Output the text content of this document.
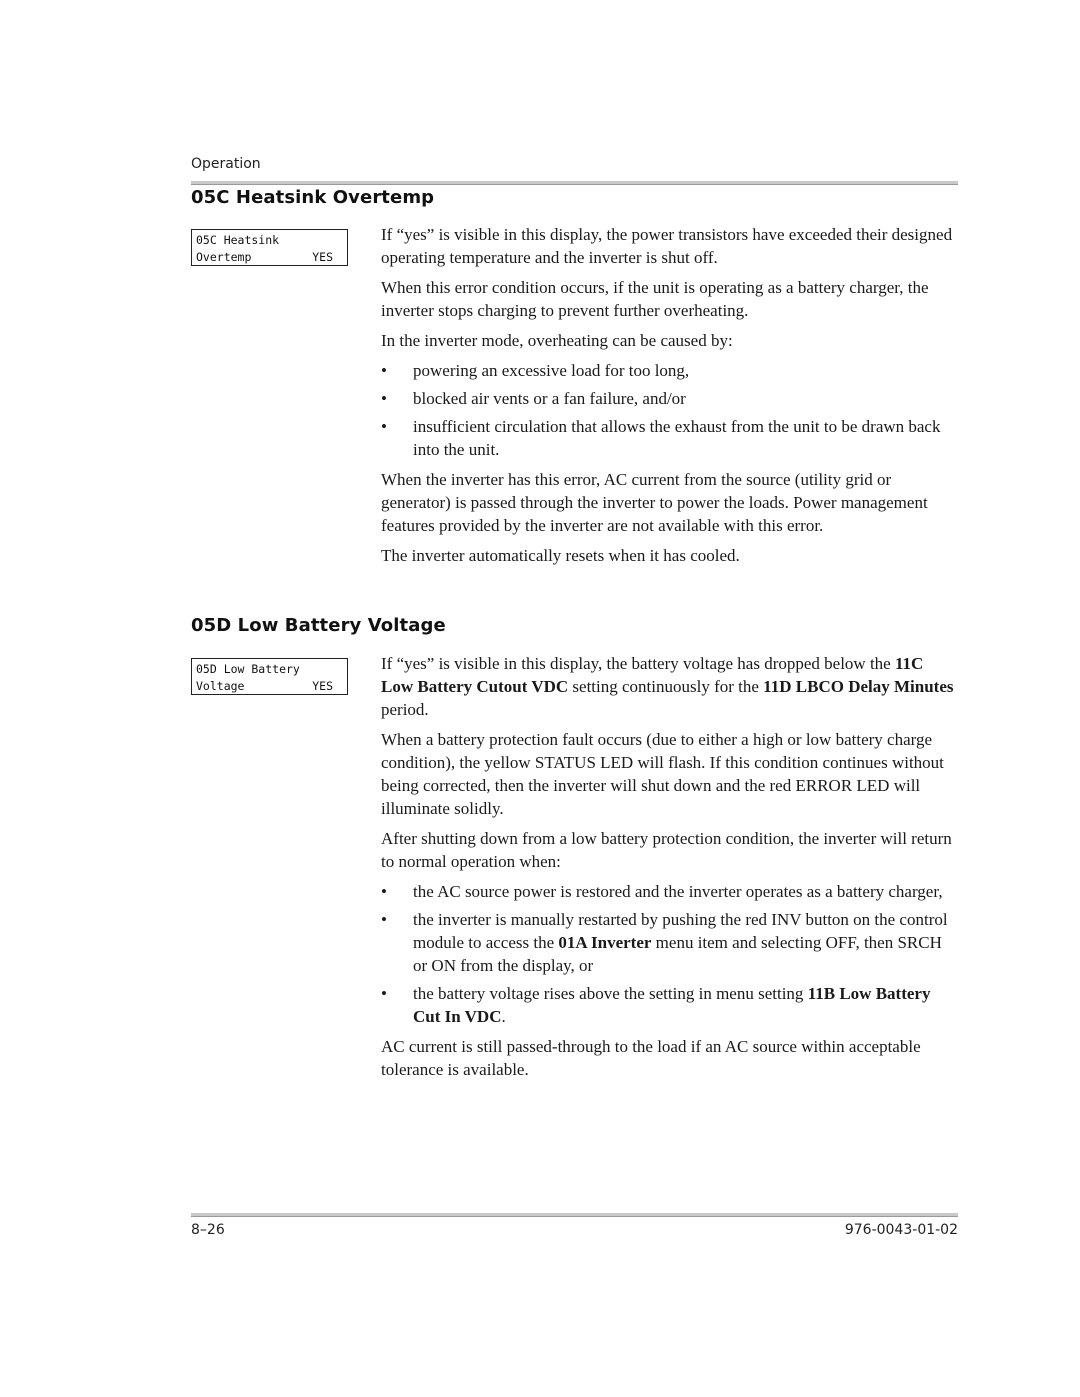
Operation
05C Heatsink Overtemp
05C Heatsink
Overtemp	YES

If “yes” is visible in this display, the power transistors have exceeded their designed operating temperature and the inverter is shut off.

When this error condition occurs, if the unit is operating as a battery charger, the inverter stops charging to prevent further overheating.

In the inverter mode, overheating can be caused by:

• powering an excessive load for too long,
• blocked air vents or a fan failure, and/or
• insufficient circulation that allows the exhaust from the unit to be drawn back into the unit.

When the inverter has this error, AC current from the source (utility grid or generator) is passed through the inverter to power the loads. Power management features provided by the inverter are not available with this error.

The inverter automatically resets when it has cooled.

05D Low Battery Voltage
05D Low Battery
Voltage	YES

If “yes” is visible in this display, the battery voltage has dropped below the 11C Low Battery Cutout VDC setting continuously for the 11D LBCO Delay Minutes period.

When a battery protection fault occurs (due to either a high or low battery charge condition), the yellow STATUS LED will flash. If this condition continues without being corrected, then the inverter will shut down and the red ERROR LED will illuminate solidly.

After shutting down from a low battery protection condition, the inverter will return to normal operation when:

• the AC source power is restored and the inverter operates as a battery charger,
• the inverter is manually restarted by pushing the red INV button on the control module to access the 01A Inverter menu item and selecting OFF, then SRCH or ON from the display, or
• the battery voltage rises above the setting in menu setting 11B Low Battery Cut In VDC.

AC current is still passed-through to the load if an AC source within acceptable tolerance is available.

8–26	976-0043-01-02
